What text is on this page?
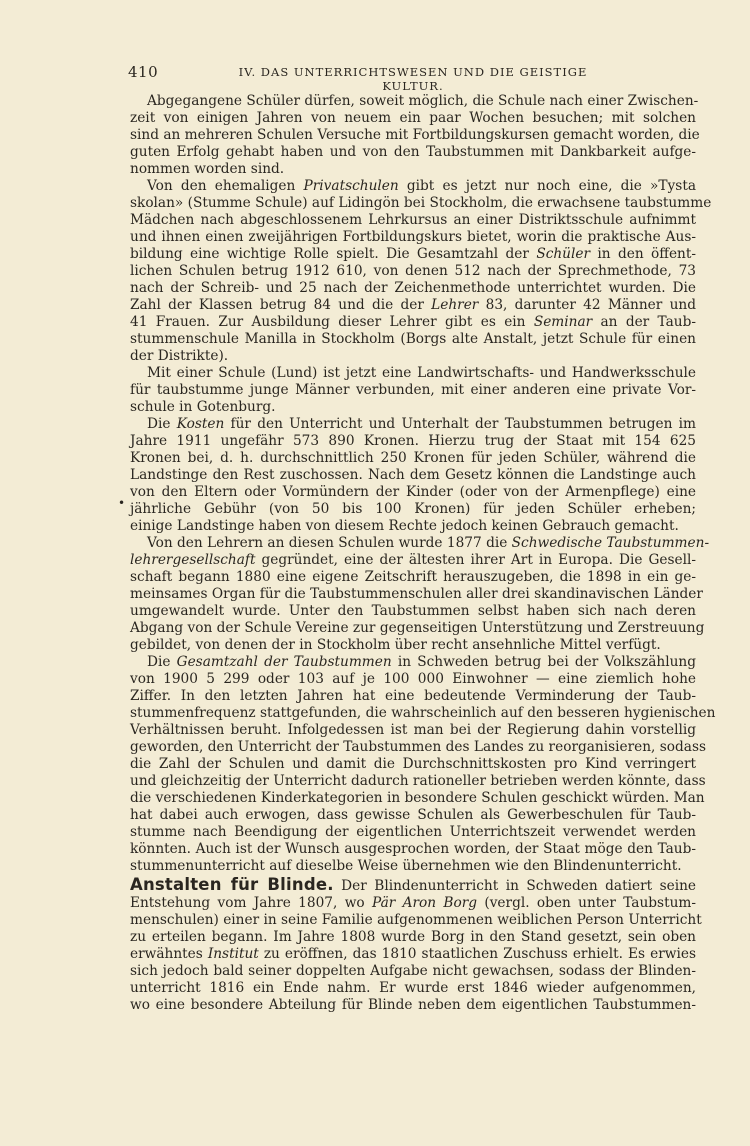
410	IV. DAS UNTERRICHTSWESEN UND DIE GEISTIGE KULTUR.
•
Abgegangene Schüler dürfen, soweit möglich, die Schule nach einer Zwischen-
zeit von einigen Jahren von neuem ein paar Wochen besuchen; mit solchen
sind an mehreren Schulen Versuche mit Fortbildungskursen gemacht worden, die
guten Erfolg gehabt haben und von den Taubstummen mit Dankbarkeit aufge-
nommen worden sind.
Von den ehemaligen Privatschulen gibt es jetzt nur noch eine, die »Tysta
skolan» (Stumme Schule) auf Lidingön bei Stockholm, die erwachsene taubstumme
Mädchen nach abgeschlossenem Lehrkursus an einer Distriktsschule aufnimmt
und ihnen einen zweijährigen Fortbildungskurs bietet, worin die praktische Aus-
bildung eine wichtige Rolle spielt. Die Gesamtzahl der Schüler in den öffent-
lichen Schulen betrug 1912 610, von denen 512 nach der Sprechmethode, 73
nach der Schreib- und 25 nach der Zeichenmethode unterrichtet wurden. Die
Zahl der Klassen betrug 84 und die der Lehrer 83, darunter 42 Männer und
41 Frauen. Zur Ausbildung dieser Lehrer gibt es ein Seminar an der Taub-
stummenschule Manilla in Stockholm (Borgs alte Anstalt, jetzt Schule für einen
der Distrikte).
Mit einer Schule (Lund) ist jetzt eine Landwirtschafts- und Handwerksschule
für taubstumme junge Männer verbunden, mit einer anderen eine private Vor-
schule in Gotenburg.
Die Kosten für den Unterricht und Unterhalt der Taubstummen betrugen im
Jahre 1911 ungefähr 573 890 Kronen. Hierzu trug der Staat mit 154 625
Kronen bei, d. h. durchschnittlich 250 Kronen für jeden Schüler, während die
Landstinge den Rest zuschossen. Nach dem Gesetz können die Landstinge auch
von den Eltern oder Vormündern der Kinder (oder von der Armenpflege) eine
jährliche Gebühr (von 50 bis 100 Kronen) für jeden Schüler erheben;
einige Landstinge haben von diesem Rechte jedoch keinen Gebrauch gemacht.
Von den Lehrern an diesen Schulen wurde 1877 die Schwedische Taubstummen-
lehrergesellschaft gegründet, eine der ältesten ihrer Art in Europa. Die Gesell-
schaft begann 1880 eine eigene Zeitschrift herauszugeben, die 1898 in ein ge-
meinsames Organ für die Taubstummenschulen aller drei skandinavischen Länder
umgewandelt wurde. Unter den Taubstummen selbst haben sich nach deren
Abgang von der Schule Vereine zur gegenseitigen Unterstützung und Zerstreuung
gebildet, von denen der in Stockholm über recht ansehnliche Mittel verfügt.
Die Gesamtzahl der Taubstummen in Schweden betrug bei der Volkszählung
von 1900 5 299 oder 103 auf je 100 000 Einwohner — eine ziemlich hohe
Ziffer. In den letzten Jahren hat eine bedeutende Verminderung der Taub-
stummenfrequenz stattgefunden, die wahrscheinlich auf den besseren hygienischen
Verhältnissen beruht. Infolgedessen ist man bei der Regierung dahin vorstellig
geworden, den Unterricht der Taubstummen des Landes zu reorganisieren, sodass
die Zahl der Schulen und damit die Durchschnittskosten pro Kind verringert
und gleichzeitig der Unterricht dadurch rationeller betrieben werden könnte, dass
die verschiedenen Kinderkategorien in besondere Schulen geschickt würden. Man
hat dabei auch erwogen, dass gewisse Schulen als Gewerbeschulen für Taub-
stumme nach Beendigung der eigentlichen Unterrichtszeit verwendet werden
könnten. Auch ist der Wunsch ausgesprochen worden, der Staat möge den Taub-
stummenunterricht auf dieselbe Weise übernehmen wie den Blindenunterricht.
Anstalten für Blinde. Der Blindenunterricht in Schweden datiert seine
Entstehung vom Jahre 1807, wo Pär Aron Borg (vergl. oben unter Taubstum-
menschulen) einer in seine Familie aufgenommenen weiblichen Person Unterricht
zu erteilen begann. Im Jahre 1808 wurde Borg in den Stand gesetzt, sein oben
erwähntes Institut zu eröffnen, das 1810 staatlichen Zuschuss erhielt. Es erwies
sich jedoch bald seiner doppelten Aufgabe nicht gewachsen, sodass der Blinden-
unterricht 1816 ein Ende nahm. Er wurde erst 1846 wieder aufgenommen,
wo eine besondere Abteilung für Blinde neben dem eigentlichen Taubstummen-
